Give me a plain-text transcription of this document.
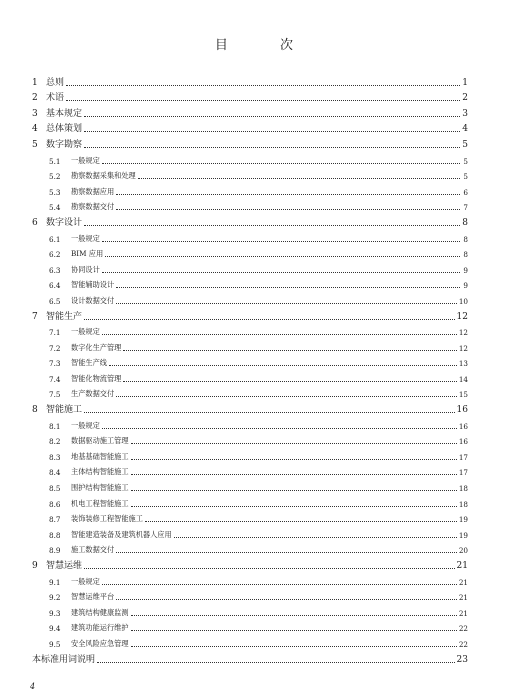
目 次
1 总则	1
2 术语	2
3 基本规定	3
4 总体策划	4
5 数字勘察	5
5.1	一般规定	5
5.2	勘察数据采集和处理	5
5.3	勘察数据应用	6
5.4	勘察数据交付	7
6 数字设计	8
6.1	一般规定	8
6.2	BIM 应用	8
6.3	协同设计	9
6.4	智能辅助设计	9
6.5	设计数据交付	10
7 智能生产	12
7.1	一般规定	12
7.2	数字化生产管理	12
7.3	智能生产线	13
7.4	智能化物流管理	14
7.5	生产数据交付	15
8 智能施工	16
8.1	一般规定	16
8.2	数据驱动施工管理	16
8.3	地基基础智能施工	17
8.4	主体结构智能施工	17
8.5	围护结构智能施工	18
8.6	机电工程智能施工	18
8.7	装饰装修工程智能施工	19
8.8	智能建造装备及建筑机器人应用	19
8.9	施工数据交付	20
9 智慧运维	21
9.1	一般规定	21
9.2	智慧运维平台	21
9.3	建筑结构健康监测	21
9.4	建筑功能运行维护	22
9.5	安全风险应急管理	22
本标准用词说明	23
4
